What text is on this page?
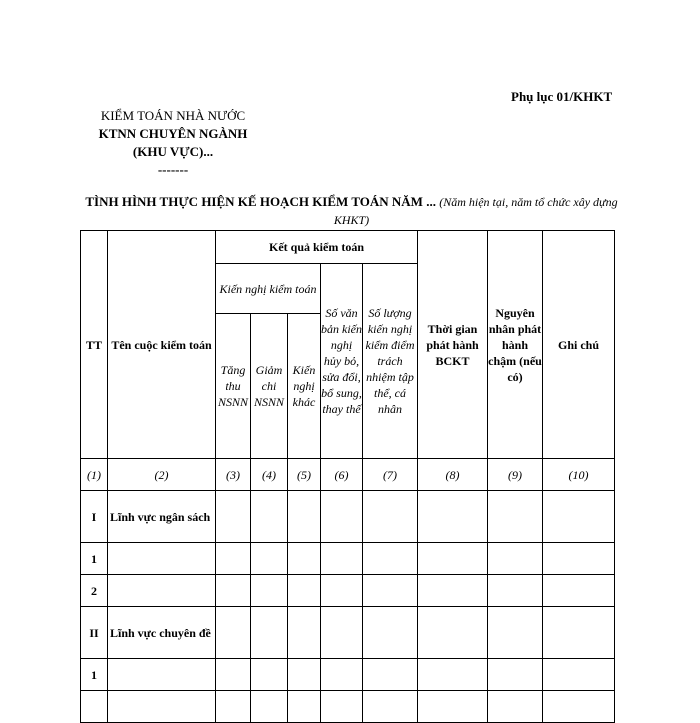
Phụ lục 01/KHKT
KIỂM TOÁN NHÀ NƯỚC
KTNN CHUYÊN NGÀNH
(KHU VỰC)...
-------
TÌNH HÌNH THỰC HIỆN KẾ HOẠCH KIỂM TOÁN NĂM ... (Năm hiện tại, năm tổ chức xây dựng KHKT)
TT	Tên cuộc kiểm toán	Kết quả kiểm toán					Thời gian phát hành BCKT	Nguyên nhân phát hành chậm (nếu có)	Ghi chú
		Kiến nghị kiểm toán			Số văn bản kiến nghị hủy bỏ, sửa đổi, bổ sung, thay thế	Số lượng kiến nghị kiểm điểm trách nhiệm tập thể, cá nhân			
		Tăng thu NSNN	Giảm chi NSNN	Kiến nghị khác					
(1)	(2)	(3)	(4)	(5)	(6)	(7)	(8)	(9)	(10)
I	Lĩnh vực ngân sách								
1									
2									
II	Lĩnh vực chuyên đề								
1									
